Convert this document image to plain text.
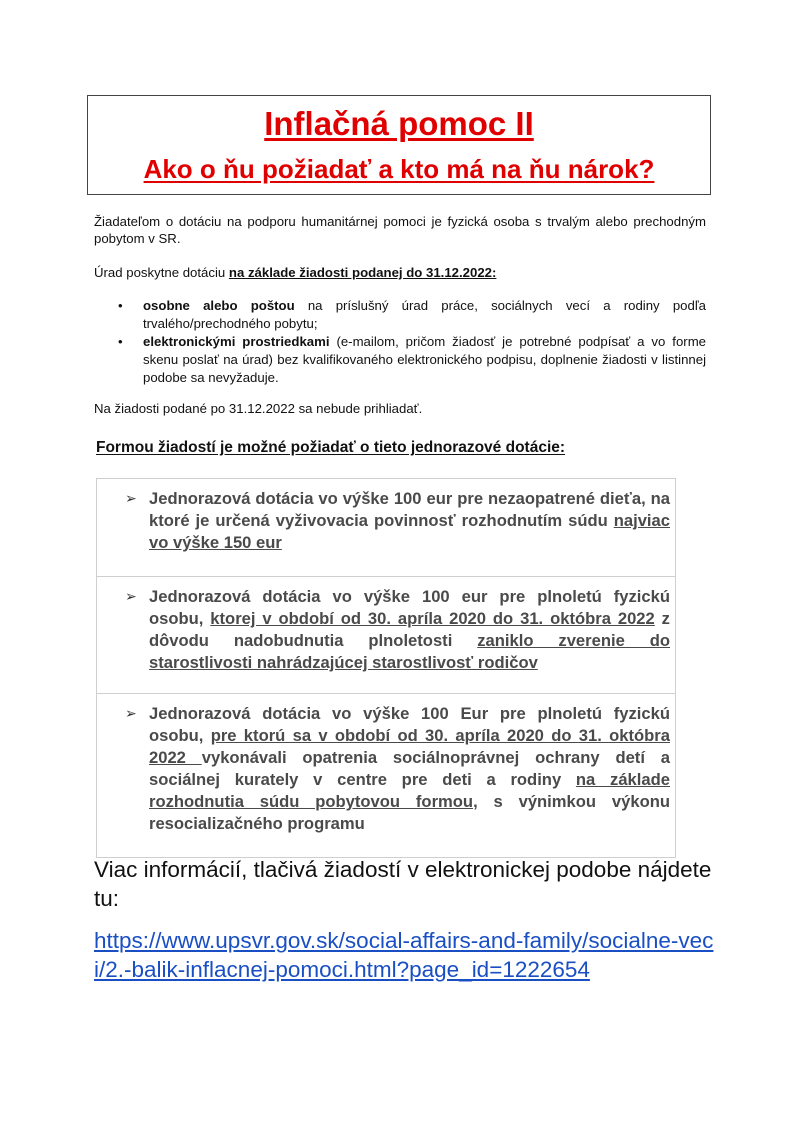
Inflačná pomoc II
Ako o ňu požiadať a kto má na ňu nárok?
Žiadateľom o dotáciu na podporu humanitárnej pomoci je fyzická osoba s trvalým alebo prechodným pobytom v SR.
Úrad poskytne dotáciu na základe žiadosti podanej do 31.12.2022:
• osobne alebo poštou na príslušný úrad práce, sociálnych vecí a rodiny podľa trvalého/prechodného pobytu;
• elektronickými prostriedkami (e-mailom, pričom žiadosť je potrebné podpísať a vo forme skenu poslať na úrad) bez kvalifikovaného elektronického podpisu, doplnenie žiadosti v listinnej podobe sa nevyžaduje.
Na žiadosti podané po 31.12.2022 sa nebude prihliadať.
Formou žiadostí je možné požiadať o tieto jednorazové dotácie:
➢ Jednorazová dotácia vo výške 100 eur pre nezaopatrené dieťa, na ktoré je určená vyživovacia povinnosť rozhodnutím súdu najviac vo výške 150 eur
➢ Jednorazová dotácia vo výške 100 eur pre plnoletú fyzickú osobu, ktorej v období od 30. apríla 2020 do 31. októbra 2022 z dôvodu nadobudnutia plnoletosti zaniklo zverenie do starostlivosti nahrádzajúcej starostlivosť rodičov
➢ Jednorazová dotácia vo výške 100 Eur pre plnoletú fyzickú osobu, pre ktorú sa v období od 30. apríla 2020 do 31. októbra 2022 vykonávali opatrenia sociálnoprávnej ochrany detí a sociálnej kurately v centre pre deti a rodiny na základe rozhodnutia súdu pobytovou formou, s výnimkou výkonu resocializačného programu
Viac informácií, tlačivá žiadostí v elektronickej podobe nájdete tu:
https://www.upsvr.gov.sk/social-affairs-and-family/socialne-veci/2.-balik-inflacnej-pomoci.html?page_id=1222654
